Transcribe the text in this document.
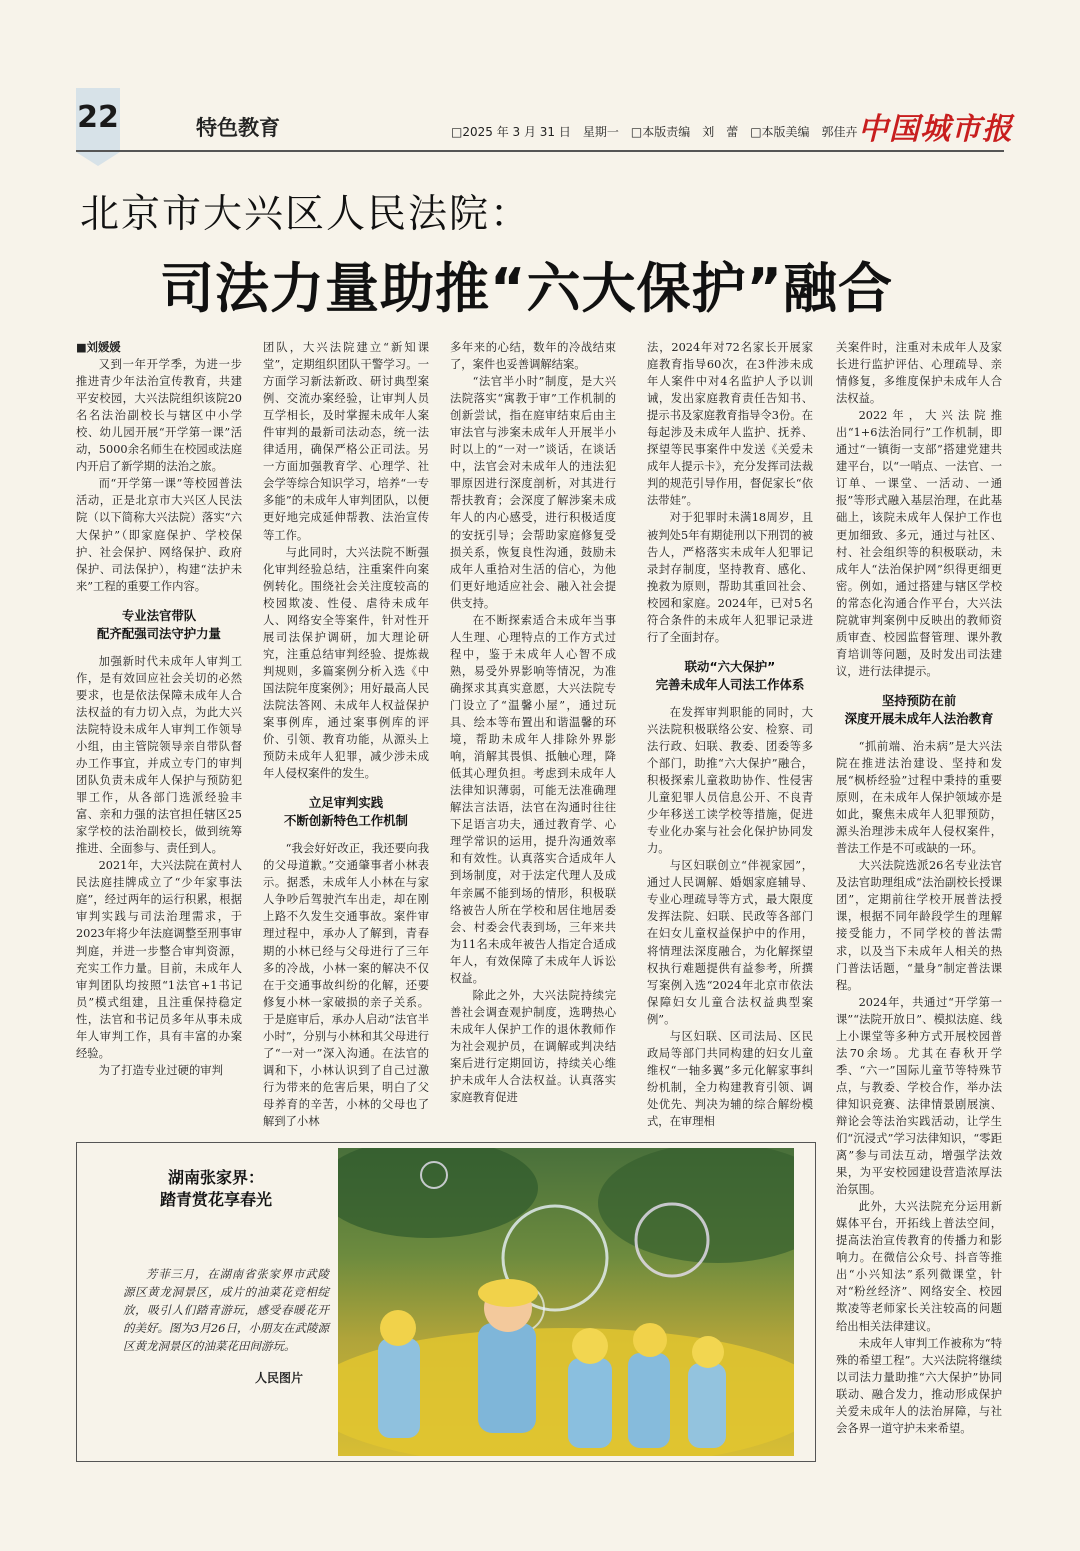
22	特色教育	□2025 年 3 月 31 日　星期一　□本版责编　刘　蕾　□本版美编　郭佳卉 中国城市报
北京市大兴区人民法院：
司法力量助推“六大保护”融合

■刘媛媛

又到一年开学季，为进一步推进青少年法治宣传教育，共建平安校园，大兴法院组织该院20名名法治副校长与辖区中小学校、幼儿园开展“开学第一课”活动，5000余名师生在校园或法庭内开启了新学期的法治之旅。

而“开学第一课”等校园普法活动，正是北京市大兴区人民法院（以下简称大兴法院）落实“六大保护”（即家庭保护、学校保护、社会保护、网络保护、政府保护、司法保护），构建“法护未来”工程的重要工作内容。

专业法官带队
配齐配强司法守护力量

加强新时代未成年人审判工作，是有效回应社会关切的必然要求，也是依法保障未成年人合法权益的有力切入点，为此大兴法院特设未成年人审判工作领导小组，由主管院领导亲自带队督办工作事宜，并成立专门的审判团队负责未成年人保护与预防犯罪工作，从各部门选派经验丰富、亲和力强的法官担任辖区25家学校的法治副校长，做到统筹推进、全面参与、责任到人。

2021年，大兴法院在黄村人民法庭挂牌成立了“少年家事法庭”，经过两年的运行积累，根据审判实践与司法治理需求，于2023年将少年法庭调整至刑事审判庭，并进一步整合审判资源，充实工作力量。目前，未成年人审判团队均按照“1法官+1书记员”模式组建，且注重保持稳定性，法官和书记员多年从事未成年人审判工作，具有丰富的办案经验。

为了打造专业过硬的审判

团队，大兴法院建立“新知课堂”，定期组织团队干警学习。一方面学习新法新政、研讨典型案例、交流办案经验，让审判人员互学相长，及时掌握未成年人案件审判的最新司法动态，统一法律适用，确保严格公正司法。另一方面加强教育学、心理学、社会学等综合知识学习，培养“一专多能”的未成年人审判团队，以便更好地完成延伸帮教、法治宣传等工作。

与此同时，大兴法院不断强化审判经验总结，注重案件向案例转化。围绕社会关注度较高的校园欺凌、性侵、虐待未成年人、网络安全等案件，针对性开展司法保护调研，加大理论研究，注重总结审判经验、提炼裁判规则，多篇案例分析入选《中国法院年度案例》；用好最高人民法院法答网、未成年人权益保护案事例库，通过案事例库的评价、引领、教育功能，从源头上预防未成年人犯罪，减少涉未成年人侵权案件的发生。

立足审判实践
不断创新特色工作机制

“我会好好改正，我还要向我的父母道歉。”交通肇事者小林表示。据悉，未成年人小林在与家人争吵后驾驶汽车出走，却在刚上路不久发生交通事故。案件审理过程中，承办人了解到，青春期的小林已经与父母进行了三年多的冷战，小林一案的解决不仅在于交通事故纠纷的化解，还要修复小林一家破损的亲子关系。于是庭审后，承办人启动“法官半小时”，分别与小林和其父母进行了“一对一”深入沟通。在法官的调和下，小林认识到了自己过激行为带来的危害后果，明白了父母养育的辛苦，小林的父母也了解到了小林

多年来的心结，数年的冷战结束了，案件也妥善调解结案。

“法官半小时”制度，是大兴法院落实“寓教于审”工作机制的创新尝试，指在庭审结束后由主审法官与涉案未成年人开展半小时以上的“一对一”谈话，在谈话中，法官会对未成年人的违法犯罪原因进行深度剖析，对其进行帮扶教育；会深度了解涉案未成年人的内心感受，进行积极适度的安抚引导；会帮助家庭修复受损关系，恢复良性沟通，鼓励未成年人重拾对生活的信心，为他们更好地适应社会、融入社会提供支持。

在不断探索适合未成年当事人生理、心理特点的工作方式过程中，鉴于未成年人心智不成熟，易受外界影响等情况，为准确探求其真实意愿，大兴法院专门设立了“温馨小屋”，通过玩具、绘本等布置出和谐温馨的环境，帮助未成年人排除外界影响，消解其畏惧、抵触心理，降低其心理负担。考虑到未成年人法律知识薄弱，可能无法准确理解法言法语，法官在沟通时往往下足语言功夫，通过教育学、心理学常识的运用，提升沟通效率和有效性。认真落实合适成年人到场制度，对于法定代理人及成年亲属不能到场的情形，积极联络被告人所在学校和居住地居委会、村委会代表到场，三年来共为11名未成年被告人指定合适成年人，有效保障了未成年人诉讼权益。

除此之外，大兴法院持续完善社会调查观护制度，选聘热心未成年人保护工作的退休教师作为社会观护员，在调解或判决结案后进行定期回访，持续关心维护未成年人合法权益。认真落实家庭教育促进

法，2024年对72名家长开展家庭教育指导60次，在3件涉未成年人案件中对4名监护人予以训诫，发出家庭教育责任告知书、提示书及家庭教育指导令3份。在每起涉及未成年人监护、抚养、探望等民事案件中发送《关爱未成年人提示卡》，充分发挥司法裁判的规范引导作用，督促家长“依法带娃”。

对于犯罪时未满18周岁，且被判处5年有期徒刑以下刑罚的被告人，严格落实未成年人犯罪记录封存制度，坚持教育、感化、挽救为原则，帮助其重回社会、校园和家庭。2024年，已对5名符合条件的未成年人犯罪记录进行了全面封存。

联动“六大保护”
完善未成年人司法工作体系

在发挥审判职能的同时，大兴法院积极联络公安、检察、司法行政、妇联、教委、团委等多个部门，助推“六大保护”融合，积极探索儿童救助协作、性侵害儿童犯罪人员信息公开、不良青少年移送工读学校等措施，促进专业化办案与社会化保护协同发力。

与区妇联创立“伴视家园”，通过人民调解、婚姻家庭辅导、专业心理疏导等方式，最大限度发挥法院、妇联、民政等各部门在妇女儿童权益保护中的作用，将情理法深度融合，为化解探望权执行难题提供有益参考，所撰写案例入选“2024年北京市依法保障妇女儿童合法权益典型案例”。

与区妇联、区司法局、区民政局等部门共同构建的妇女儿童维权“一轴多翼”多元化解家事纠纷机制，全力构建教育引领、调处优先、判决为辅的综合解纷模式，在审理相

关案件时，注重对未成年人及家长进行监护评估、心理疏导、亲情修复，多维度保护未成年人合法权益。

2022年，大兴法院推出“1+6法治同行”工作机制，即通过“一镇街一支部”搭建党建共建平台，以“一哨点、一法官、一订单、一课堂、一活动、一通报”等形式融入基层治理，在此基础上，该院未成年人保护工作也更加细致、多元，通过与社区、村、社会组织等的积极联动，未成年人“法治保护网”织得更细更密。例如，通过搭建与辖区学校的常态化沟通合作平台，大兴法院就审判案例中反映出的教师资质审查、校园监督管理、课外教育培训等问题，及时发出司法建议，进行法律提示。

坚持预防在前
深度开展未成年人法治教育

“抓前端、治未病”是大兴法院在推进法治建设、坚持和发展“枫桥经验”过程中秉持的重要原则，在未成年人保护领域亦是如此，聚焦未成年人犯罪预防，源头治理涉未成年人侵权案件，普法工作是不可或缺的一环。

大兴法院选派26名专业法官及法官助理组成“法治副校长授课团”，定期前往学校开展普法授课，根据不同年龄段学生的理解接受能力，不同学校的普法需求，以及当下未成年人相关的热门普法话题，“量身”制定普法课程。

2024年，共通过“开学第一课”“法院开放日”、模拟法庭、线上小课堂等多种方式开展校园普法70余场。尤其在春秋开学季、“六一”国际儿童节等特殊节点，与教委、学校合作，举办法律知识竞赛、法律情景剧展演、辩论会等法治实践活动，让学生们“沉浸式”学习法律知识，“零距离”参与司法互动，增强学法效果，为平安校园建设营造浓厚法治氛围。

此外，大兴法院充分运用新媒体平台，开拓线上普法空间，提高法治宣传教育的传播力和影响力。在微信公众号、抖音等推出“小兴知法”系列微课堂，针对“粉丝经济”、网络安全、校园欺凌等老师家长关注较高的问题给出相关法律建议。

未成年人审判工作被称为“特殊的希望工程”。大兴法院将继续以司法力量助推“六大保护”协同联动、融合发力，推动形成保护关爱未成年人的法治屏障，与社会各界一道守护未来希望。

湖南张家界：
踏青赏花享春光
芳菲三月，在湖南省张家界市武陵源区黄龙洞景区，成片的油菜花竞相绽放，吸引人们踏青游玩，感受春暖花开的美好。图为3月26日，小朋友在武陵源区黄龙洞景区的油菜花田间游玩。
人民图片
